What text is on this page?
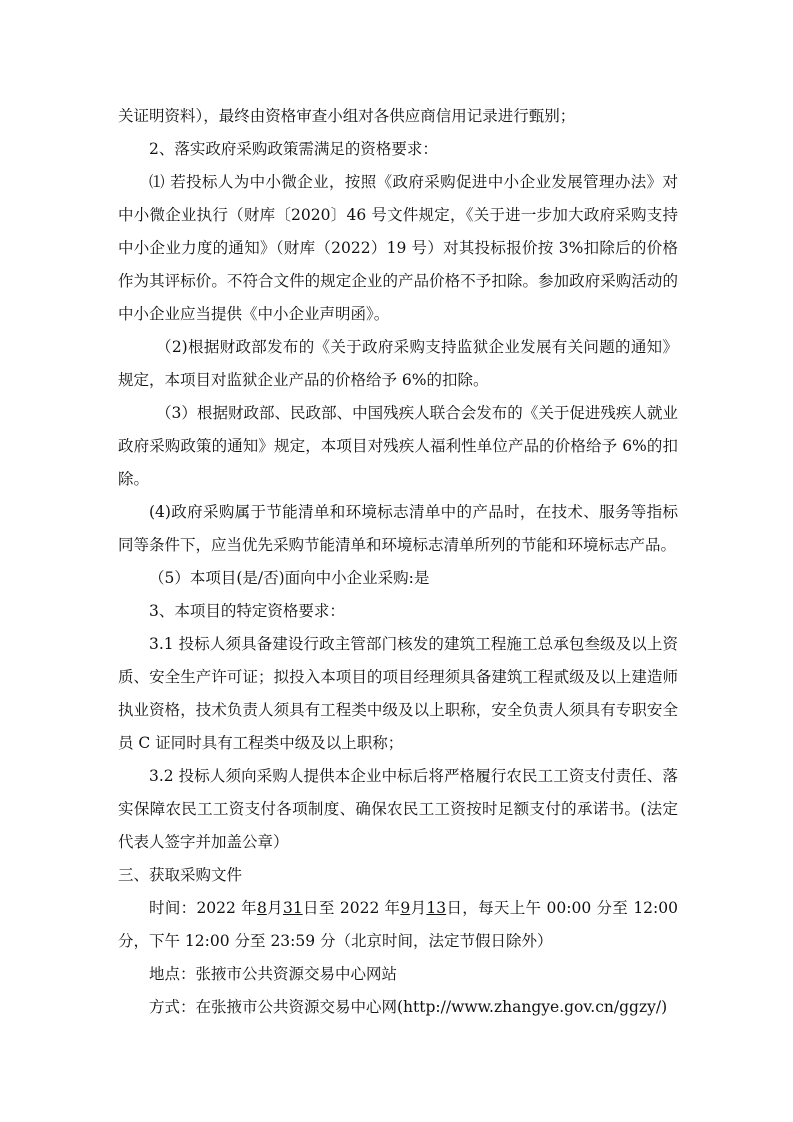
关证明资料），最终由资格审查小组对各供应商信用记录进行甄别；

2、落实政府采购政策需满足的资格要求：

⑴ 若投标人为中小微企业，按照《政府采购促进中小企业发展管理办法》对中小微企业执行（财库〔2020〕46 号文件规定，《关于进一步加大政府采购支持中小企业力度的通知》（财库（2022）19 号）对其投标报价按 3%扣除后的价格作为其评标价。不符合文件的规定企业的产品价格不予扣除。参加政府采购活动的中小企业应当提供《中小企业声明函》。

（2)根据财政部发布的《关于政府采购支持监狱企业发展有关问题的通知》规定，本项目对监狱企业产品的价格给予 6%的扣除。

（3）根据财政部、民政部、中国残疾人联合会发布的《关于促进残疾人就业政府采购政策的通知》规定，本项目对残疾人福利性单位产品的价格给予 6%的扣除。

(4)政府采购属于节能清单和环境标志清单中的产品时，在技术、服务等指标同等条件下，应当优先采购节能清单和环境标志清单所列的节能和环境标志产品。

（5）本项目(是/否)面向中小企业采购:是

3、本项目的特定资格要求：

3.1 投标人须具备建设行政主管部门核发的建筑工程施工总承包叁级及以上资质、安全生产许可证；拟投入本项目的项目经理须具备建筑工程贰级及以上建造师执业资格，技术负责人须具有工程类中级及以上职称，安全负责人须具有专职安全员 C 证同时具有工程类中级及以上职称；

3.2 投标人须向采购人提供本企业中标后将严格履行农民工工资支付责任、落实保障农民工工资支付各项制度、确保农民工工资按时足额支付的承诺书。(法定代表人签字并加盖公章）

三、获取采购文件

时间：2022 年8月31日至 2022 年9月13日，每天上午 00:00 分至 12:00 分，下午 12:00 分至 23:59 分（北京时间，法定节假日除外）

地点：张掖市公共资源交易中心网站

方式：在张掖市公共资源交易中心网(http://www.zhangye.gov.cn/ggzy/)
